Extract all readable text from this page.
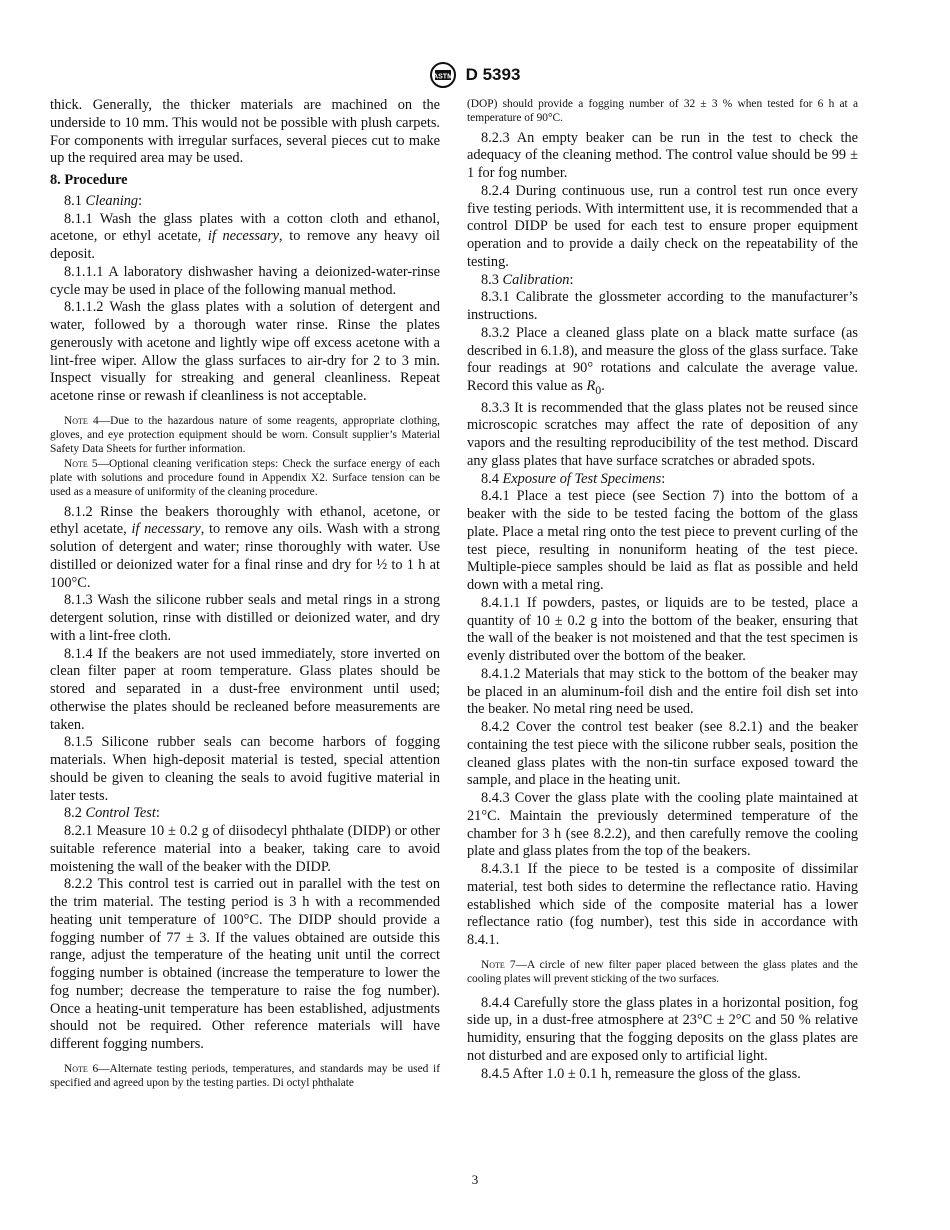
ASTM D 5393

thick. Generally, the thicker materials are machined on the underside to 10 mm. This would not be possible with plush carpets. For components with irregular surfaces, several pieces cut to make up the required area may be used.

8. Procedure

8.1 Cleaning:

8.1.1 Wash the glass plates with a cotton cloth and ethanol, acetone, or ethyl acetate, if necessary, to remove any heavy oil deposit.

8.1.1.1 A laboratory dishwasher having a deionized-water-rinse cycle may be used in place of the following manual method.

8.1.1.2 Wash the glass plates with a solution of detergent and water, followed by a thorough water rinse. Rinse the plates generously with acetone and lightly wipe off excess acetone with a lint-free wiper. Allow the glass surfaces to air-dry for 2 to 3 min. Inspect visually for streaking and general cleanliness. Repeat acetone rinse or rewash if cleanliness is not acceptable.

Note 4—Due to the hazardous nature of some reagents, appropriate clothing, gloves, and eye protection equipment should be worn. Consult supplier’s Material Safety Data Sheets for further information.

Note 5—Optional cleaning verification steps: Check the surface energy of each plate with solutions and procedure found in Appendix X2. Surface tension can be used as a measure of uniformity of the cleaning procedure.

8.1.2 Rinse the beakers thoroughly with ethanol, acetone, or ethyl acetate, if necessary, to remove any oils. Wash with a strong solution of detergent and water; rinse thoroughly with water. Use distilled or deionized water for a final rinse and dry for ½ to 1 h at 100°C.

8.1.3 Wash the silicone rubber seals and metal rings in a strong detergent solution, rinse with distilled or deionized water, and dry with a lint-free cloth.

8.1.4 If the beakers are not used immediately, store inverted on clean filter paper at room temperature. Glass plates should be stored and separated in a dust-free environment until used; otherwise the plates should be recleaned before measurements are taken.

8.1.5 Silicone rubber seals can become harbors of fogging materials. When high-deposit material is tested, special attention should be given to cleaning the seals to avoid fugitive material in later tests.

8.2 Control Test:

8.2.1 Measure 10 ± 0.2 g of diisodecyl phthalate (DIDP) or other suitable reference material into a beaker, taking care to avoid moistening the wall of the beaker with the DIDP.

8.2.2 This control test is carried out in parallel with the test on the trim material. The testing period is 3 h with a recommended heating unit temperature of 100°C. The DIDP should provide a fogging number of 77 ± 3. If the values obtained are outside this range, adjust the temperature of the heating unit until the correct fogging number is obtained (increase the temperature to lower the fog number; decrease the temperature to raise the fog number). Once a heating-unit temperature has been established, adjustments should not be required. Other reference materials will have different fogging numbers.

Note 6—Alternate testing periods, temperatures, and standards may be used if specified and agreed upon by the testing parties. Di octyl phthalate

(DOP) should provide a fogging number of 32 ± 3 % when tested for 6 h at a temperature of 90°C.

8.2.3 An empty beaker can be run in the test to check the adequacy of the cleaning method. The control value should be 99 ± 1 for fog number.

8.2.4 During continuous use, run a control test run once every five testing periods. With intermittent use, it is recommended that a control DIDP be used for each test to ensure proper equipment operation and to provide a daily check on the repeatability of the testing.

8.3 Calibration:

8.3.1 Calibrate the glossmeter according to the manufacturer’s instructions.

8.3.2 Place a cleaned glass plate on a black matte surface (as described in 6.1.8), and measure the gloss of the glass surface. Take four readings at 90° rotations and calculate the average value. Record this value as $R_0$.

8.3.3 It is recommended that the glass plates not be reused since microscopic scratches may affect the rate of deposition of any vapors and the resulting reproducibility of the test method. Discard any glass plates that have surface scratches or abraded spots.

8.4 Exposure of Test Specimens:

8.4.1 Place a test piece (see Section 7) into the bottom of a beaker with the side to be tested facing the bottom of the glass plate. Place a metal ring onto the test piece to prevent curling of the test piece, resulting in nonuniform heating of the test piece. Multiple-piece samples should be laid as flat as possible and held down with a metal ring.

8.4.1.1 If powders, pastes, or liquids are to be tested, place a quantity of 10 ± 0.2 g into the bottom of the beaker, ensuring that the wall of the beaker is not moistened and that the test specimen is evenly distributed over the bottom of the beaker.

8.4.1.2 Materials that may stick to the bottom of the beaker may be placed in an aluminum-foil dish and the entire foil dish set into the beaker. No metal ring need be used.

8.4.2 Cover the control test beaker (see 8.2.1) and the beaker containing the test piece with the silicone rubber seals, position the cleaned glass plates with the non-tin surface exposed toward the sample, and place in the heating unit.

8.4.3 Cover the glass plate with the cooling plate maintained at 21°C. Maintain the previously determined temperature of the chamber for 3 h (see 8.2.2), and then carefully remove the cooling plate and glass plates from the top of the beakers.

8.4.3.1 If the piece to be tested is a composite of dissimilar material, test both sides to determine the reflectance ratio. Having established which side of the composite material has a lower reflectance ratio (fog number), test this side in accordance with 8.4.1.

Note 7—A circle of new filter paper placed between the glass plates and the cooling plates will prevent sticking of the two surfaces.

8.4.4 Carefully store the glass plates in a horizontal position, fog side up, in a dust-free atmosphere at 23°C ± 2°C and 50 % relative humidity, ensuring that the fogging deposits on the glass plates are not disturbed and are exposed only to artificial light.

8.4.5 After 1.0 ± 0.1 h, remeasure the gloss of the glass.

3
